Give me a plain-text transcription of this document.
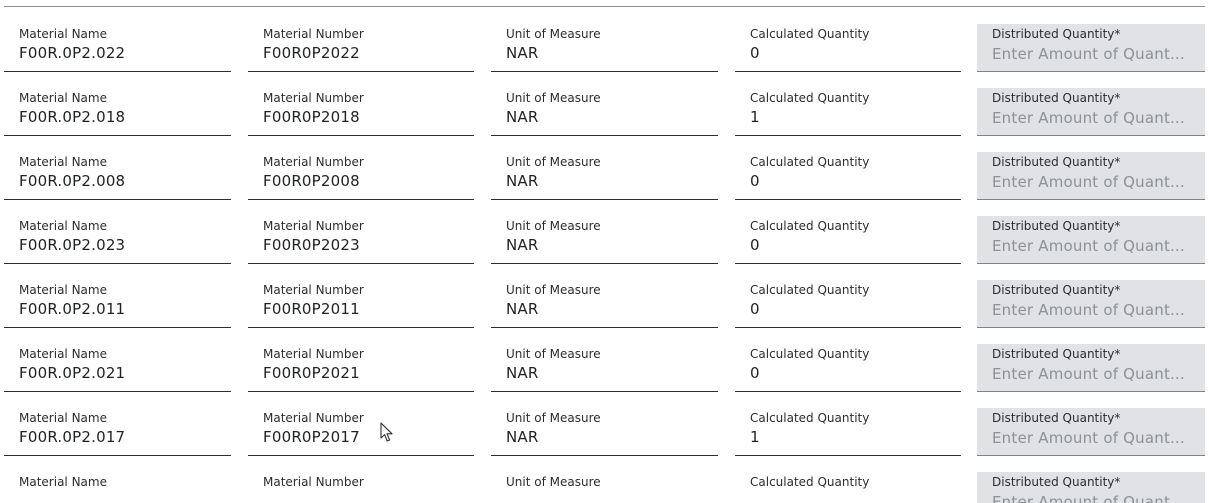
Material Name
F00R.0P2.022
Material Number
F00R0P2022
Unit of Measure
NAR
Calculated Quantity
0
Distributed Quantity*
Enter Amount of Quant...
Material Name
F00R.0P2.018
Material Number
F00R0P2018
Unit of Measure
NAR
Calculated Quantity
1
Distributed Quantity*
Enter Amount of Quant...
Material Name
F00R.0P2.008
Material Number
F00R0P2008
Unit of Measure
NAR
Calculated Quantity
0
Distributed Quantity*
Enter Amount of Quant...
Material Name
F00R.0P2.023
Material Number
F00R0P2023
Unit of Measure
NAR
Calculated Quantity
0
Distributed Quantity*
Enter Amount of Quant...
Material Name
F00R.0P2.011
Material Number
F00R0P2011
Unit of Measure
NAR
Calculated Quantity
0
Distributed Quantity*
Enter Amount of Quant...
Material Name
F00R.0P2.021
Material Number
F00R0P2021
Unit of Measure
NAR
Calculated Quantity
0
Distributed Quantity*
Enter Amount of Quant...
Material Name
F00R.0P2.017
Material Number
F00R0P2017
Unit of Measure
NAR
Calculated Quantity
1
Distributed Quantity*
Enter Amount of Quant...
Material Name	Material Number	Unit of Measure	Calculated Quantity	Distributed Quantity*
Enter Amount of Quant...
